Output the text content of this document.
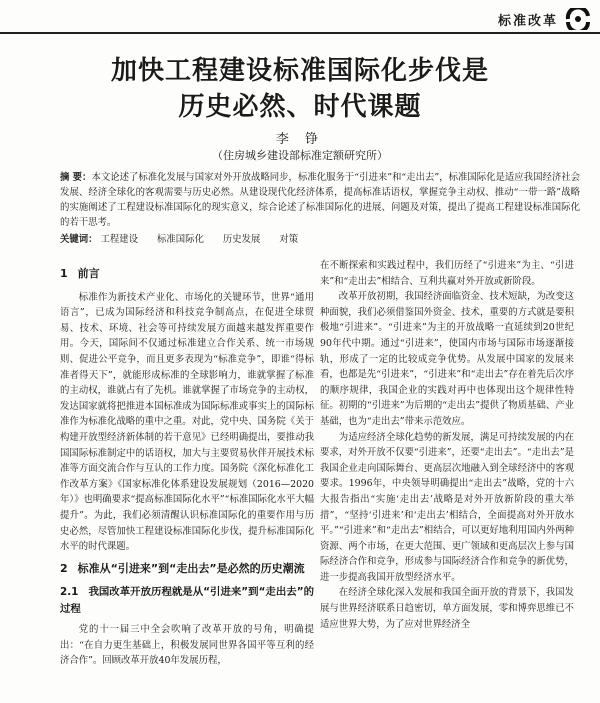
标准改革
加快工程建设标准国际化步伐是
历史必然、时代课题
李 铮
（住房城乡建设部标准定额研究所）
摘 要：本文论述了标准化发展与国家对外开放战略同步，标准化服务于“引进来”和“走出去”，标准国际化是适应我国经济社会发展、经济全球化的客观需要与历史必然。从建设现代化经济体系，提高标准话语权，掌握竞争主动权、推动“一带一路”战略的实施阐述了工程建设标准国际化的现实意义，综合论述了标准国际化的进展、问题及对策，提出了提高工程建设标准国际化的若干思考。
关键词： 工程建设 标准国际化 历史发展 对策
1 前言

标准作为新技术产业化、市场化的关键环节，世界“通用语言”，已成为国际经济和科技竞争制高点，在促进全球贸易、技术、环境、社会等可持续发展方面越来越发挥重要作用。今天，国际间不仅通过标准建立合作关系、统一市场规则、促进公平竞争，而且更多表现为“标准竞争”，即谁“得标准者得天下”，就能形成标准的全球影响力，谁就掌握了标准的主动权，谁就占有了先机。谁就掌握了市场竞争的主动权，发达国家就将把推进本国标准成为国际标准或事实上的国际标准作为标准化战略的重中之重。对此，党中央、国务院《关于构建开放型经济新体制的若干意见》已经明确提出，要推动我国国际标准制定中的话语权，加大与主要贸易伙伴开展技术标准等方面交流合作与互认的工作力度。国务院《深化标准化工作改革方案》《国家标准化体系建设发展规划（2016—2020年）》也明确要求“提高标准国际化水平”“标准国际化水平大幅提升”。为此，我们必须清醒认识标准国际化的重要作用与历史必然，尽管加快工程建设标准国际化步伐，提升标准国际化水平的时代课题。

2 标准从“引进来”到“走出去”是必然的历史潮流
2.1 我国改革开放历程就是从“引进来”到“走出去”的过程

党的十一届三中全会吹响了改革开放的号角，明确提出：“在自力更生基础上，积极发展同世界各国平等互利的经济合作”。回顾改革开放40年发展历程，

在不断探索和实践过程中，我们历经了“引进来”为主、“引进来”和“走出去”相结合、互利共赢对外开放或新阶段。

改革开放初期，我国经济面临资金、技术短缺，为改变这种面貌，我们必须借鉴国外资金、技术，重要的方式就是要积极地“引进来”。“引进来”为主的开放战略一直延续到20世纪90年代中期。通过“引进来”，使国内市场与国际市场逐渐接轨，形成了一定的比较成竞争优势。从发展中国家的发展来看，也都是先“引进来”，“引进来”和“走出去”存在着先后次序的顺序规律，我国企业的实践对再中也体现出这个规律性特征。初期的“引进来”为后期的“走出去”提供了物质基础、产业基础，也为“走出去”带来示范效应。

为适应经济全球化趋势的新发展，满足可持续发展的内在要求，对外开放不仅要“引进来”，还要“走出去”。“走出去”是我国企业走向国际舞台、更高层次地融入到全球经济中的客观要求。1996年，中央领导明确提出“走出去”战略，党的十六大报告指出“实施‘走出去’战略是对外开放新阶段的重大举措”，“坚持‘引进来’和‘走出去’相结合，全面提高对外开放水平。”“引进来”和“走出去”相结合，可以更好地利用国内外两种资源、两个市场，在更大范围、更广领域和更高层次上参与国际经济合作和竞争，形成参与国际经济合作和竞争的新优势，进一步提高我国开放型经济水平。

在经济全球化深入发展和我国全面开放的背景下，我国发展与世界经济联系日趋密切，单方面发展，零和博弈思维已不适应世界大势，为了应对世界经济全
